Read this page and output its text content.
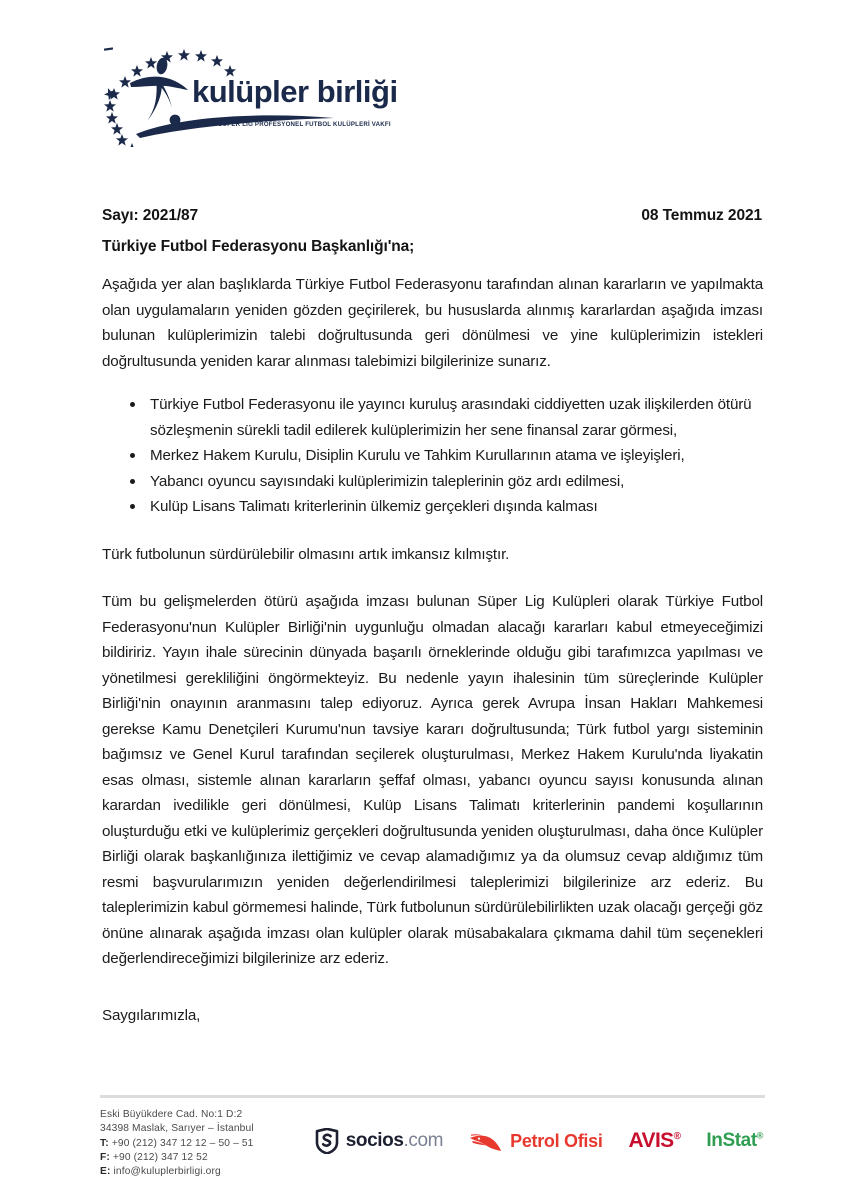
kulüpler birliği
TÜRKİYE SÜPER LİG PROFESYONEL FUTBOL KULÜPLERİ VAKFI
Sayı: 2021/87	08 Temmuz 2021
Türkiye Futbol Federasyonu Başkanlığı'na;

Aşağıda yer alan başlıklarda Türkiye Futbol Federasyonu tarafından alınan kararların ve yapılmakta olan uygulamaların yeniden gözden geçirilerek, bu hususlarda alınmış kararlardan aşağıda imzası bulunan kulüplerimizin talebi doğrultusunda geri dönülmesi ve yine kulüplerimizin istekleri doğrultusunda yeniden karar alınması talebimizi bilgilerinize sunarız.

Türkiye Futbol Federasyonu ile yayıncı kuruluş arasındaki ciddiyetten uzak ilişkilerden ötürü sözleşmenin sürekli tadil edilerek kulüplerimizin her sene finansal zarar görmesi,
Merkez Hakem Kurulu, Disiplin Kurulu ve Tahkim Kurullarının atama ve işleyişleri,
Yabancı oyuncu sayısındaki kulüplerimizin taleplerinin göz ardı edilmesi,
Kulüp Lisans Talimatı kriterlerinin ülkemiz gerçekleri dışında kalması

Türk futbolunun sürdürülebilir olmasını artık imkansız kılmıştır.

Tüm bu gelişmelerden ötürü aşağıda imzası bulunan Süper Lig Kulüpleri olarak Türkiye Futbol Federasyonu'nun Kulüpler Birliği'nin uygunluğu olmadan alacağı kararları kabul etmeyeceğimizi bildiririz. Yayın ihale sürecinin dünyada başarılı örneklerinde olduğu gibi tarafımızca yapılması ve yönetilmesi gerekliliğini öngörmekteyiz. Bu nedenle yayın ihalesinin tüm süreçlerinde Kulüpler Birliği'nin onayının aranmasını talep ediyoruz. Ayrıca gerek Avrupa İnsan Hakları Mahkemesi gerekse Kamu Denetçileri Kurumu'nun tavsiye kararı doğrultusunda; Türk futbol yargı sisteminin bağımsız ve Genel Kurul tarafından seçilerek oluşturulması, Merkez Hakem Kurulu'nda liyakatin esas olması, sistemle alınan kararların şeffaf olması, yabancı oyuncu sayısı konusunda alınan karardan ivedilikle geri dönülmesi, Kulüp Lisans Talimatı kriterlerinin pandemi koşullarının oluşturduğu etki ve kulüplerimiz gerçekleri doğrultusunda yeniden oluşturulması, daha önce Kulüpler Birliği olarak başkanlığınıza ilettiğimiz ve cevap alamadığımız ya da olumsuz cevap aldığımız tüm resmi başvurularımızın yeniden değerlendirilmesi taleplerimizi bilgilerinize arz ederiz. Bu taleplerimizin kabul görmemesi halinde, Türk futbolunun sürdürülebilirlikten uzak olacağı gerçeği göz önüne alınarak aşağıda imzası olan kulüpler olarak müsabakalara çıkmama dahil tüm seçenekleri değerlendireceğimizi bilgilerinize arz ederiz.

Saygılarımızla,

Eski Büyükdere Cad. No:1 D:2
34398 Maslak, Sarıyer – İstanbul
T: +90 (212) 347 12 12 – 50 – 51
F: +90 (212) 347 12 52
E: info@kuluplerbirligi.org
socios.com	Petrol Ofisi AVIS® InStat®
